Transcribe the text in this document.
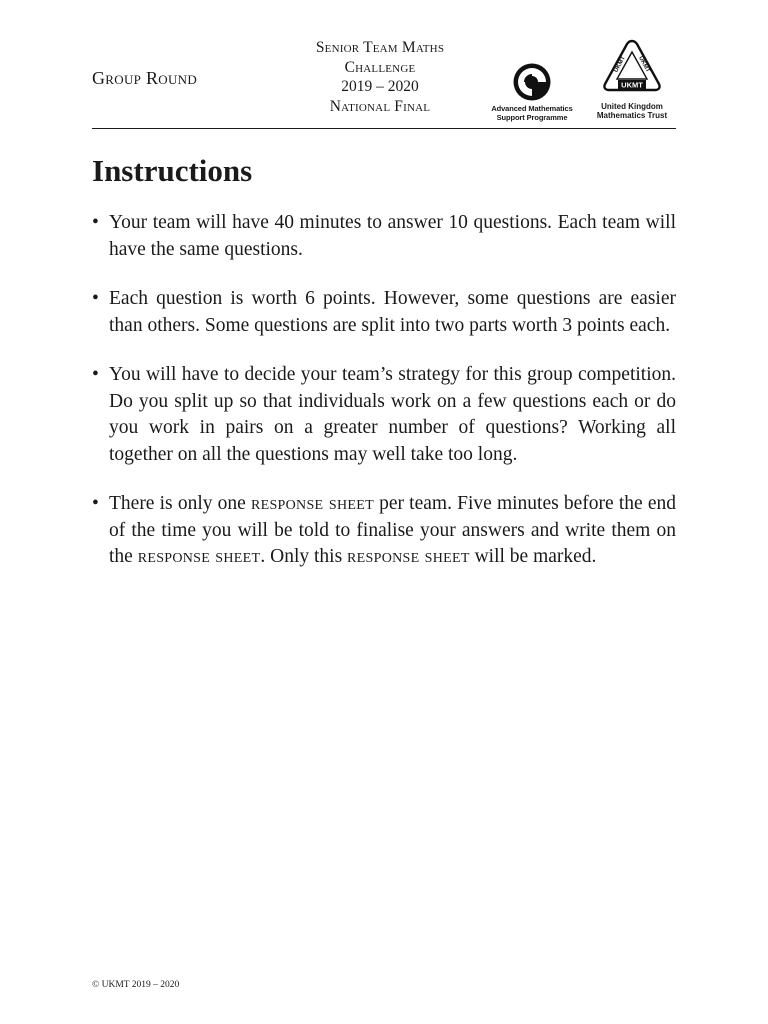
Group Round
Senior Team Maths
Challenge
2019 – 2020
National Final	Advanced Mathematics
Support Programme
UKMT
UKMT UKMT
United Kingdom
Mathematics Trust
Instructions
• Your team will have 40 minutes to answer 10 questions. Each team will have the same questions.
• Each question is worth 6 points. However, some questions are easier than others. Some questions are split into two parts worth 3 points each.
• You will have to decide your team’s strategy for this group competition. Do you split up so that individuals work on a few questions each or do you work in pairs on a greater number of questions? Working all together on all the questions may well take too long.
• There is only one response sheet per team. Five minutes before the end of the time you will be told to finalise your answers and write them on the response sheet. Only this response sheet will be marked.
© UKMT 2019 – 2020
